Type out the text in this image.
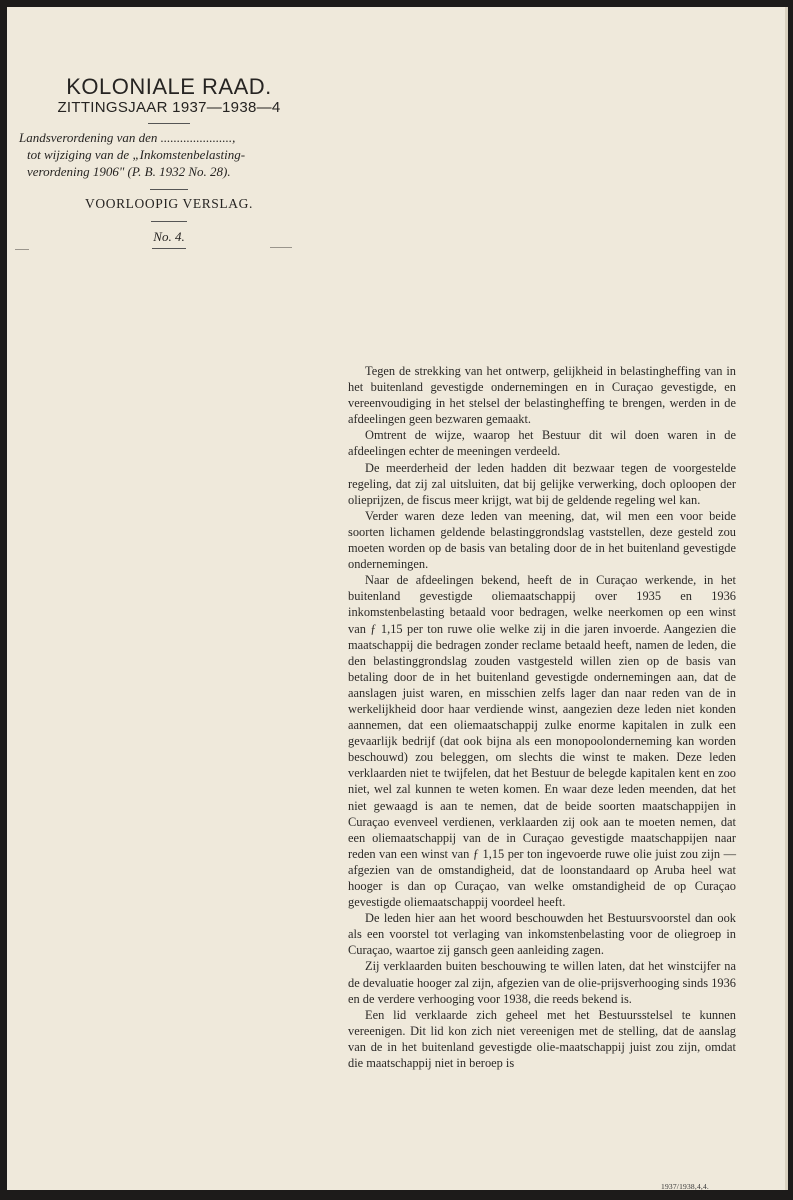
KOLONIALE RAAD.
ZITTINGSJAAR 1937—1938—4
Landsverordening van den ......................,
tot wijziging van de „Inkomstenbelasting-
verordening 1906" (P. B. 1932 No. 28).
VOORLOOPIG VERSLAG.
No. 4.

Tegen de strekking van het ontwerp, gelijkheid in belastingheffing van in het buitenland gevestigde ondernemingen en in Curaçao gevestigde, en vereenvoudiging in het stelsel der belastingheffing te brengen, werden in de afdeelingen geen bezwaren gemaakt.

Omtrent de wijze, waarop het Bestuur dit wil doen waren in de afdeelingen echter de meeningen verdeeld.

De meerderheid der leden hadden dit bezwaar tegen de voorgestelde regeling, dat zij zal uitsluiten, dat bij gelijke verwerking, doch oploopen der olieprijzen, de fiscus meer krijgt, wat bij de geldende regeling wel kan.

Verder waren deze leden van meening, dat, wil men een voor beide soorten lichamen geldende belastinggrondslag vaststellen, deze gesteld zou moeten worden op de basis van betaling door de in het buitenland gevestigde ondernemingen.

Naar de afdeelingen bekend, heeft de in Curaçao werkende, in het buitenland gevestigde oliemaatschappij over 1935 en 1936 inkomstenbelasting betaald voor bedragen, welke neerkomen op een winst van ƒ 1,15 per ton ruwe olie welke zij in die jaren invoerde. Aangezien die maatschappij die bedragen zonder reclame betaald heeft, namen de leden, die den belastinggrondslag zouden vastgesteld willen zien op de basis van betaling door de in het buitenland gevestigde ondernemingen aan, dat de aanslagen juist waren, en misschien zelfs lager dan naar reden van de in werkelijkheid door haar verdiende winst, aangezien deze leden niet konden aannemen, dat een oliemaatschappij zulke enorme kapitalen in zulk een gevaarlijk bedrijf (dat ook bijna als een monopoolonderneming kan worden beschouwd) zou beleggen, om slechts die winst te maken. Deze leden verklaarden niet te twijfelen, dat het Bestuur de belegde kapitalen kent en zoo niet, wel zal kunnen te weten komen. En waar deze leden meenden, dat het niet gewaagd is aan te nemen, dat de beide soorten maatschappijen in Curaçao evenveel verdienen, verklaarden zij ook aan te moeten nemen, dat een oliemaatschappij van de in Curaçao gevestigde maatschappijen naar reden van een winst van ƒ 1,15 per ton ingevoerde ruwe olie juist zou zijn — afgezien van de omstandigheid, dat de loonstandaard op Aruba heel wat hooger is dan op Curaçao, van welke omstandigheid de op Curaçao gevestigde oliemaatschappij voordeel heeft.

De leden hier aan het woord beschouwden het Bestuursvoorstel dan ook als een voorstel tot verlaging van inkomstenbelasting voor de oliegroep in Curaçao, waartoe zij gansch geen aanleiding zagen.

Zij verklaarden buiten beschouwing te willen laten, dat het winstcijfer na de devaluatie hooger zal zijn, afgezien van de olie-prijsverhooging sinds 1936 en de verdere verhooging voor 1938, die reeds bekend is.

Een lid verklaarde zich geheel met het Bestuursstelsel te kunnen vereenigen. Dit lid kon zich niet vereenigen met de stelling, dat de aanslag van de in het buitenland gevestigde olie-maatschappij juist zou zijn, omdat die maatschappij niet in beroep is

1937/1938,4,4.
